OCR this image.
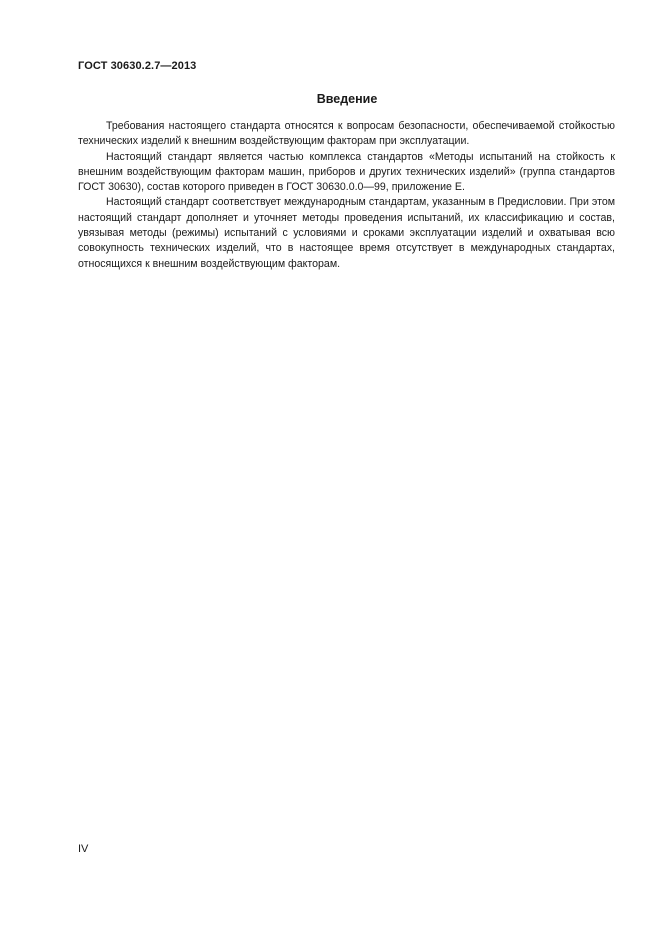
ГОСТ 30630.2.7—2013
Введение

Требования настоящего стандарта относятся к вопросам безопасности, обеспечиваемой стойкостью технических изделий к внешним воздействующим факторам при эксплуатации.

Настоящий стандарт является частью комплекса стандартов «Методы испытаний на стойкость к внешним воздействующим факторам машин, приборов и других технических изделий» (группа стандартов ГОСТ 30630), состав которого приведен в ГОСТ 30630.0.0—99, приложение Е.

Настоящий стандарт соответствует международным стандартам, указанным в Предисловии. При этом настоящий стандарт дополняет и уточняет методы проведения испытаний, их классификацию и состав, увязывая методы (режимы) испытаний с условиями и сроками эксплуатации изделий и охватывая всю совокупность технических изделий, что в настоящее время отсутствует в международных стандартах, относящихся к внешним воздействующим факторам.

IV
